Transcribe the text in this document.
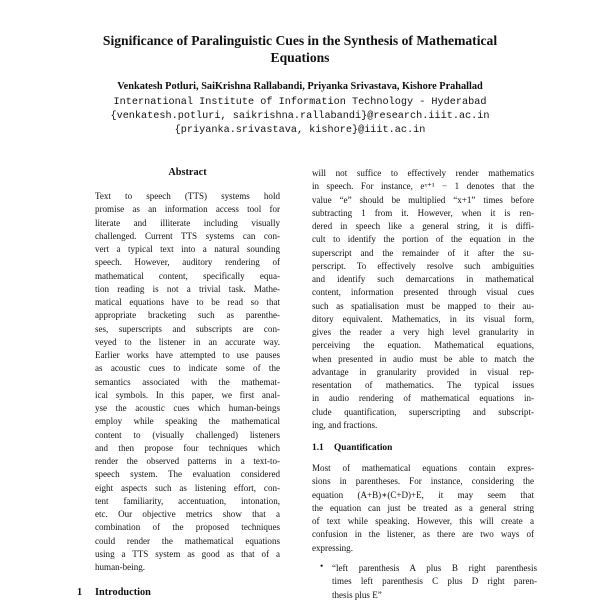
Significance of Paralinguistic Cues in the Synthesis of Mathematical
Equations
Venkatesh Potluri, SaiKrishna Rallabandi, Priyanka Srivastava, Kishore Prahallad
International Institute of Information Technology - Hyderabad
{venkatesh.potluri, saikrishna.rallabandi}@research.iiit.ac.in
{priyanka.srivastava, kishore}@iiit.ac.in
Abstract
Text to speech (TTS) systems hold
promise as an information access tool for
literate and illiterate including visually
challenged. Current TTS systems can con-
vert a typical text into a natural sounding
speech. However, auditory rendering of
mathematical content, specifically equa-
tion reading is not a trivial task. Mathe-
matical equations have to be read so that
appropriate bracketing such as parenthe-
ses, superscripts and subscripts are con-
veyed to the listener in an accurate way.
Earlier works have attempted to use pauses
as acoustic cues to indicate some of the
semantics associated with the mathemat-
ical symbols. In this paper, we first anal-
yse the acoustic cues which human-beings
employ while speaking the mathematical
content to (visually challenged) listeners
and then propose four techniques which
render the observed patterns in a text-to-
speech system. The evaluation considered
eight aspects such as listening effort, con-
tent familiarity, accentuation, intonation,
etc. Our objective metrics show that a
combination of the proposed techniques
could render the mathematical equations
using a TTS system as good as that of a
human-being.
1 Introduction
will not suffice to effectively render mathematics
in speech. For instance, eˣ⁺¹ − 1 denotes that the
value “e” should be multiplied “x+1” times before
subtracting 1 from it. However, when it is ren-
dered in speech like a general string, it is diffi-
cult to identify the portion of the equation in the
superscript and the remainder of it after the su-
perscript. To effectively resolve such ambiguities
and identify such demarcations in mathematical
content, information presented through visual cues
such as spatialisation must be mapped to their au-
ditory equivalent. Mathematics, in its visual form,
gives the reader a very high level granularity in
perceiving the equation. Mathematical equations,
when presented in audio must be able to match the
advantage in granularity provided in visual rep-
resentation of mathematics. The typical issues
in audio rendering of mathematical equations in-
clude quantification, superscripting and subscript-
ing, and fractions.
1.1 Quantification
Most of mathematical equations contain expres-
sions in parentheses. For instance, considering the
equation (A+B)∗(C+D)+E, it may seem that
the equation can just be treated as a general string
of text while speaking. However, this will create a
confusion in the listener, as there are two ways of
expressing.
• “left parenthesis A plus B right parenthesis
times left parenthesis C plus D right paren-
thesis plus E”
